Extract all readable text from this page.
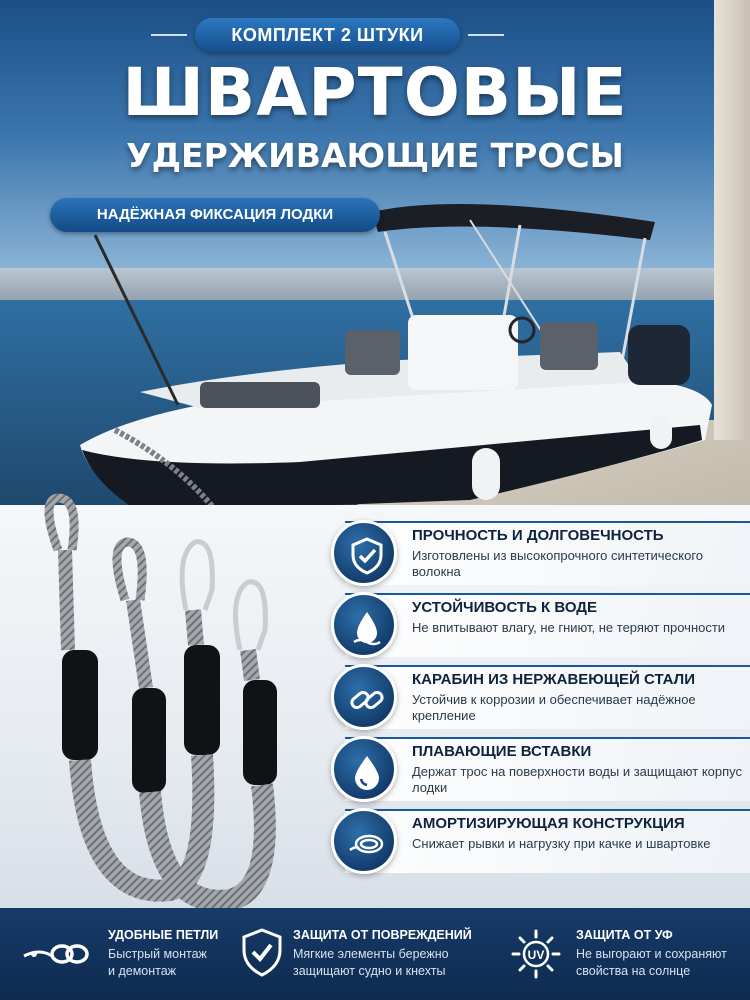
КОМПЛЕКТ 2 ШТУКИ
ШВАРТОВЫЕ
УДЕРЖИВАЮЩИЕ ТРОСЫ
НАДЁЖНАЯ ФИКСАЦИЯ ЛОДКИ
ПРОЧНОСТЬ И ДОЛГОВЕЧНОСТЬ
Изготовлены из высокопрочного синтетического волокна
УСТОЙЧИВОСТЬ К ВОДЕ
Не впитывают влагу, не гниют, не теряют прочности
КАРАБИН ИЗ НЕРЖАВЕЮЩЕЙ СТАЛИ
Устойчив к коррозии и обеспечивает надёжное крепление
ПЛАВАЮЩИЕ ВСТАВКИ
Держат трос на поверхности воды и защищают корпус лодки
АМОРТИЗИРУЮЩАЯ КОНСТРУКЦИЯ
Снижает рывки и нагрузку при качке и швартовке
УДОБНЫЕ ПЕТЛИ
Быстрый монтаж
и демонтаж
ЗАЩИТА ОТ ПОВРЕЖДЕНИЙ
Мягкие элементы бережно
защищают судно и кнехты
UV
ЗАЩИТА ОТ УФ
Не выгорают и сохраняют
свойства на солнце
